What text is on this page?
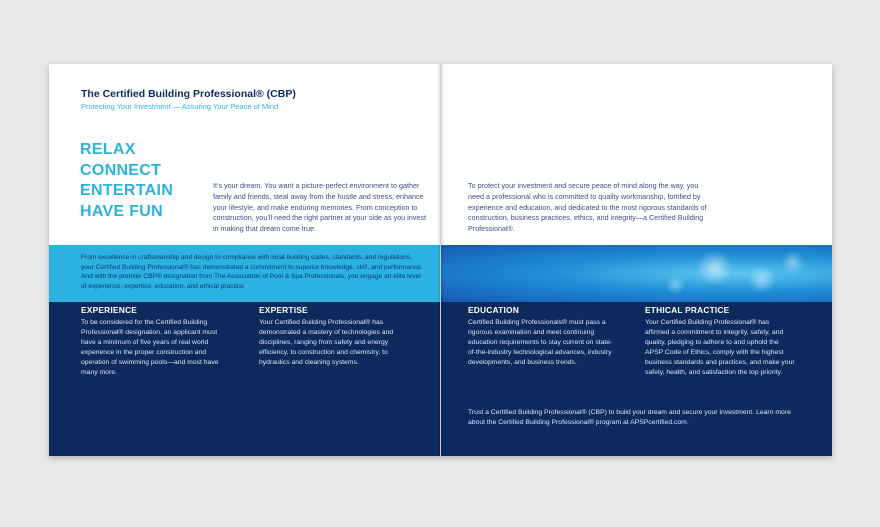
The Certified Building Professional® (CBP)
Protecting Your Investment — Assuring Your Peace of Mind
RELAX
CONNECT
ENTERTAIN
HAVE FUN
It’s your dream. You want a picture-perfect environment to gather family and friends, steal away from the hustle and stress, enhance your lifestyle, and make enduring memories. From conception to construction, you’ll need the right partner at your side as you invest in making that dream come true.
From excellence in craftsmanship and design to compliance with local building codes, standards, and regulations, your Certified Building Professional® has demonstrated a commitment to superior knowledge, skill, and performance. And with the premier CBP® designation from The Association of Pool & Spa Professionals, you engage an elite level of experience, expertise, education, and ethical practice.
EXPERIENCE

To be considered for the Certified Building Professional® designation, an applicant must have a minimum of five years of real world experience in the proper construction and operation of swimming pools—and most have many more.

EXPERTISE

Your Certified Building Professional® has demonstrated a mastery of technologies and disciplines, ranging from safety and energy efficiency, to construction and chemistry, to hydraulics and cleaning systems.

To protect your investment and secure peace of mind along the way, you need a professional who is committed to quality workmanship, fortified by experience and education, and dedicated to the most rigorous standards of construction, business practices, ethics, and integrity—a Certified Building Professional®.
EDUCATION

Certified Building Professionals® must pass a rigorous examination and meet continuing education requirements to stay current on state-of-the-industry technological advances, industry developments, and business trends.

ETHICAL PRACTICE

Your Certified Building Professional® has affirmed a commitment to integrity, safety, and quality, pledging to adhere to and uphold the APSP Code of Ethics, comply with the highest business standards and practices, and make your safety, health, and satisfaction the top priority.

Trust a Certified Building Professional® (CBP) to build your dream and secure your investment. Learn more about the Certified Building Professional® program at APSPcertified.com.
